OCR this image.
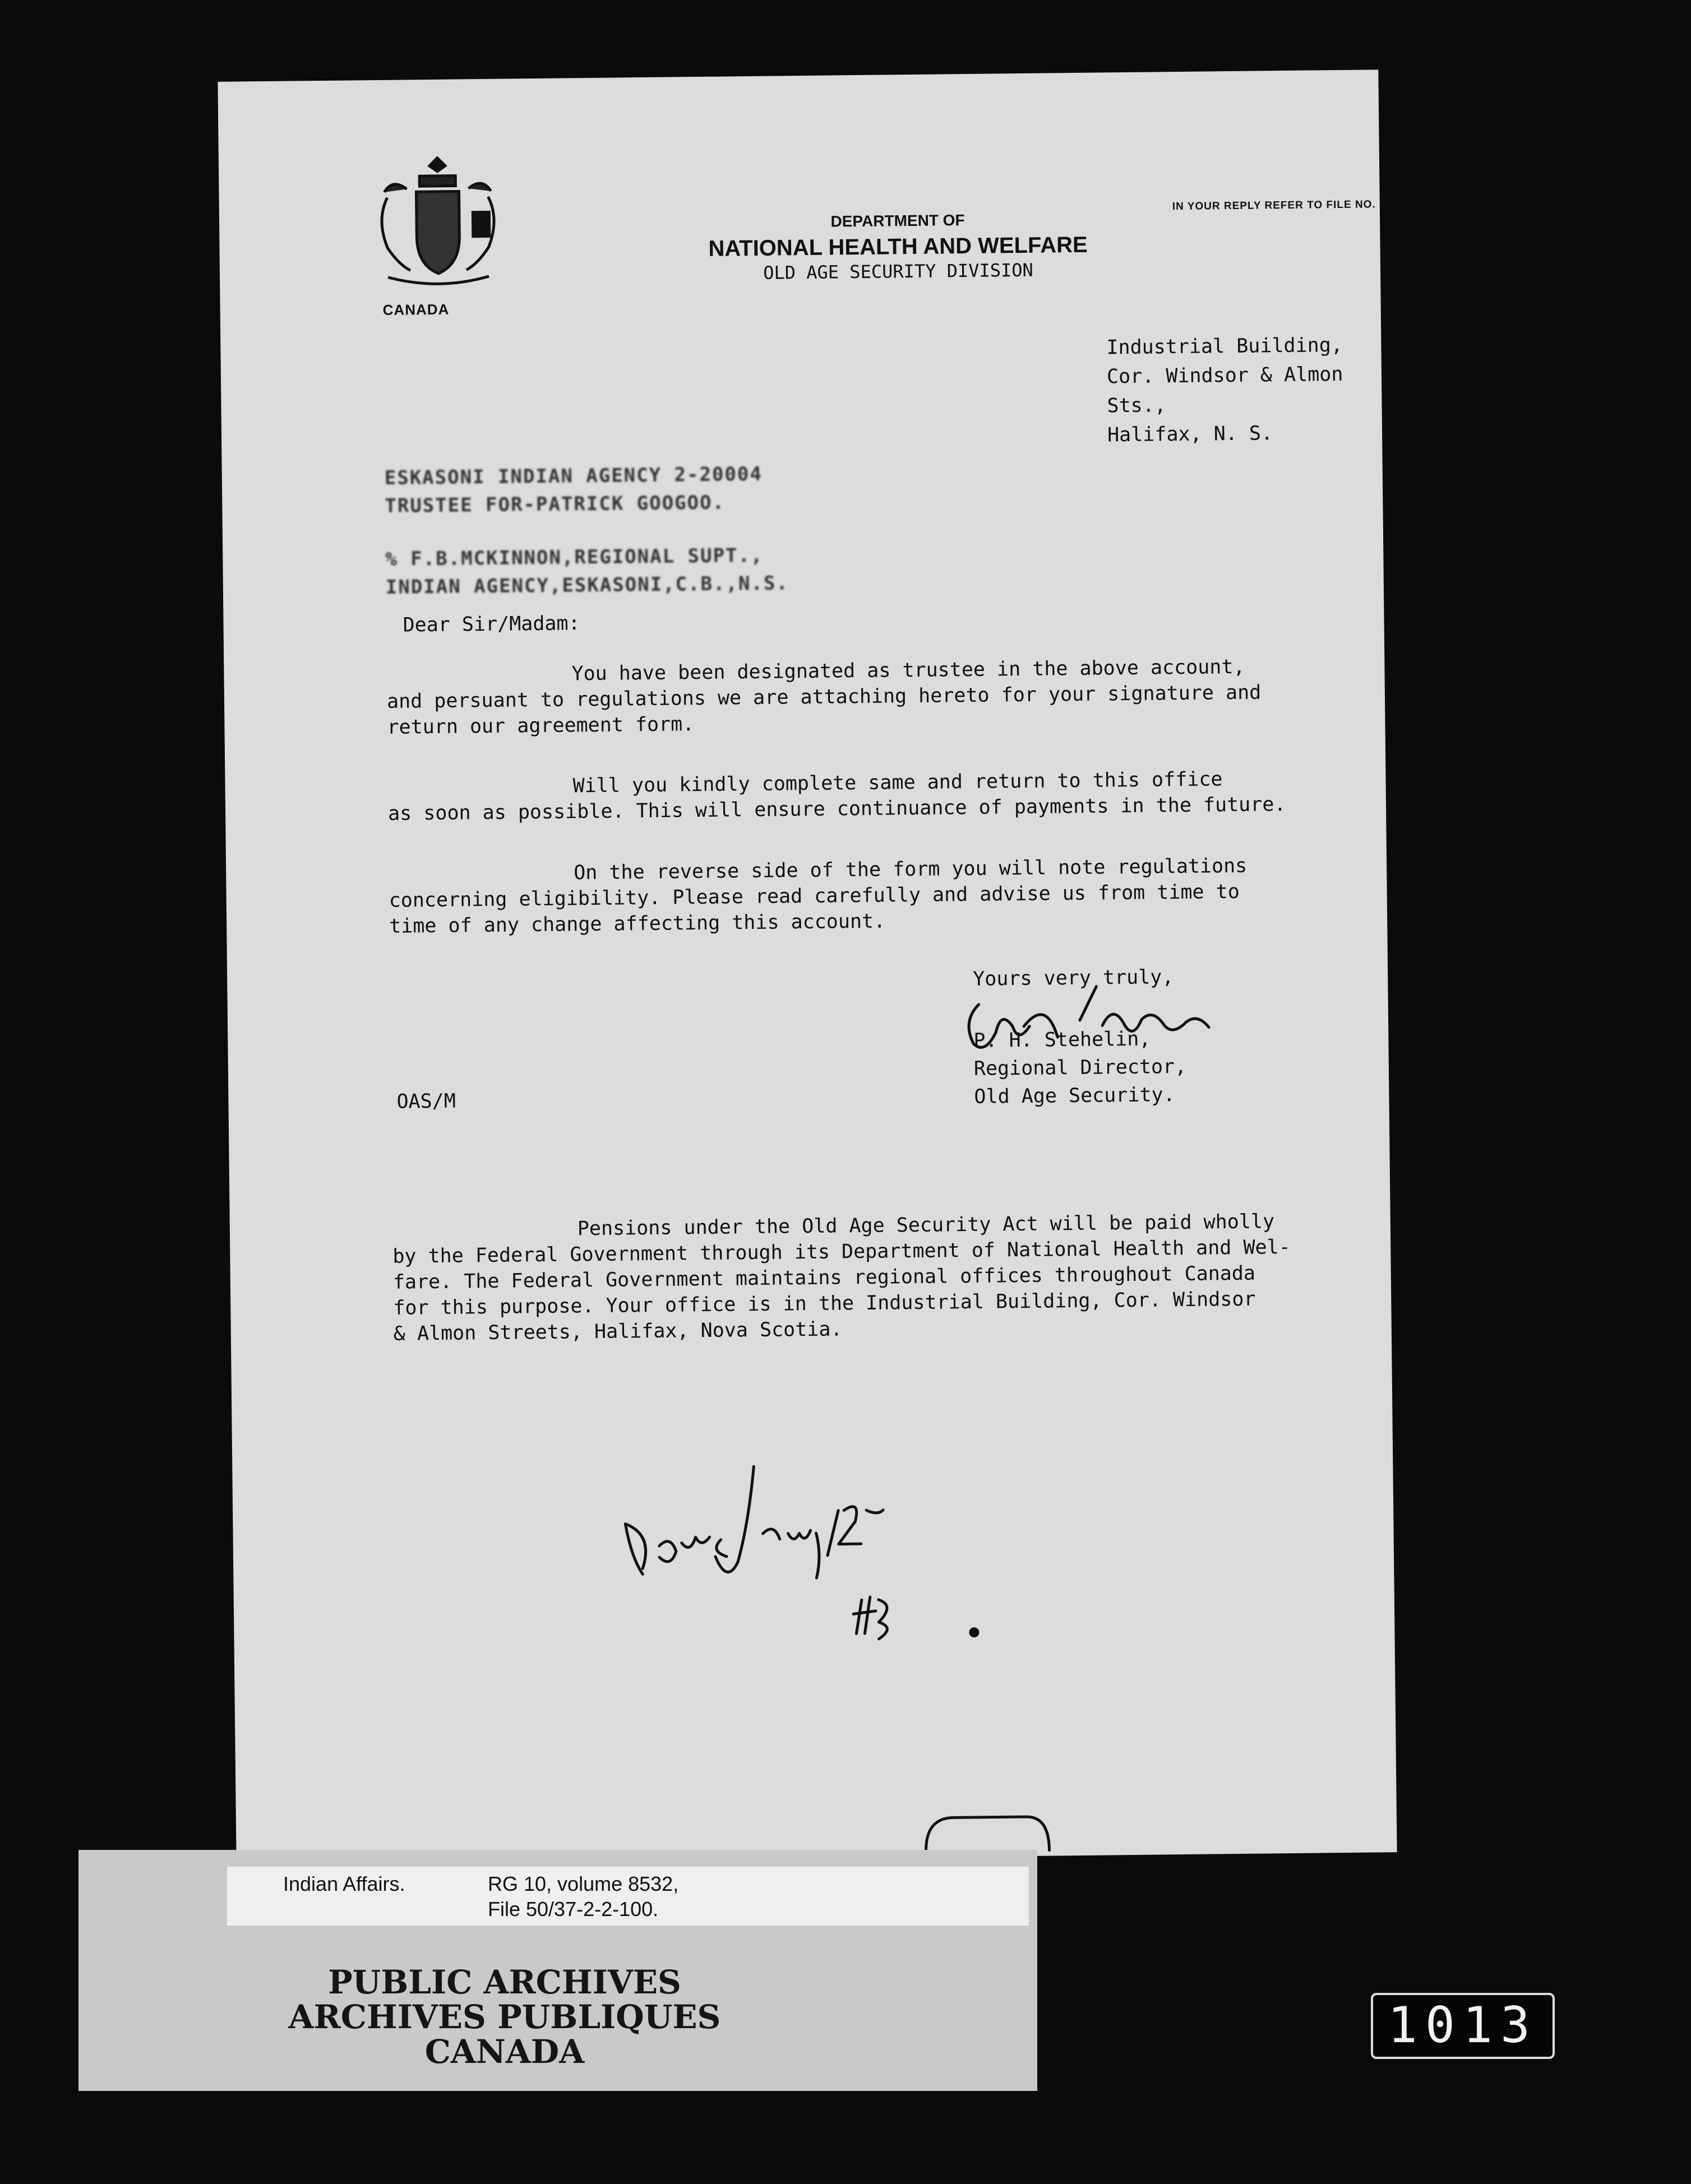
CANADA
IN YOUR REPLY REFER TO FILE NO.
DEPARTMENT OF
NATIONAL HEALTH AND WELFARE
OLD AGE SECURITY DIVISION
Industrial Building,
Cor. Windsor & Almon Sts.,
Halifax, N. S.
ESKASONI INDIAN AGENCY 2-20004
TRUSTEE FOR-PATRICK GOOGOO.
% F.B.MCKINNON,REGIONAL SUPT.,
INDIAN AGENCY,ESKASONI,C.B.,N.S.
Dear Sir/Madam:
You have been designated as trustee in the above account,
and persuant to regulations we are attaching hereto for your signature and
return our agreement form.
Will you kindly complete same and return to this office
as soon as possible. This will ensure continuance of payments in the future.
On the reverse side of the form you will note regulations
concerning eligibility. Please read carefully and advise us from time to
time of any change affecting this account.
Yours very truly,
P. H. Stehelin,
Regional Director,
Old Age Security.
OAS/M
Pensions under the Old Age Security Act will be paid wholly
by the Federal Government through its Department of National Health and Wel-
fare. The Federal Government maintains regional offices throughout Canada
for this purpose. Your office is in the Industrial Building, Cor. Windsor
& Almon Streets, Halifax, Nova Scotia.
Indian Affairs.	RG 10, volume 8532,
File 50/37-2-2-100.
PUBLIC ARCHIVES
ARCHIVES PUBLIQUES
CANADA	1013
